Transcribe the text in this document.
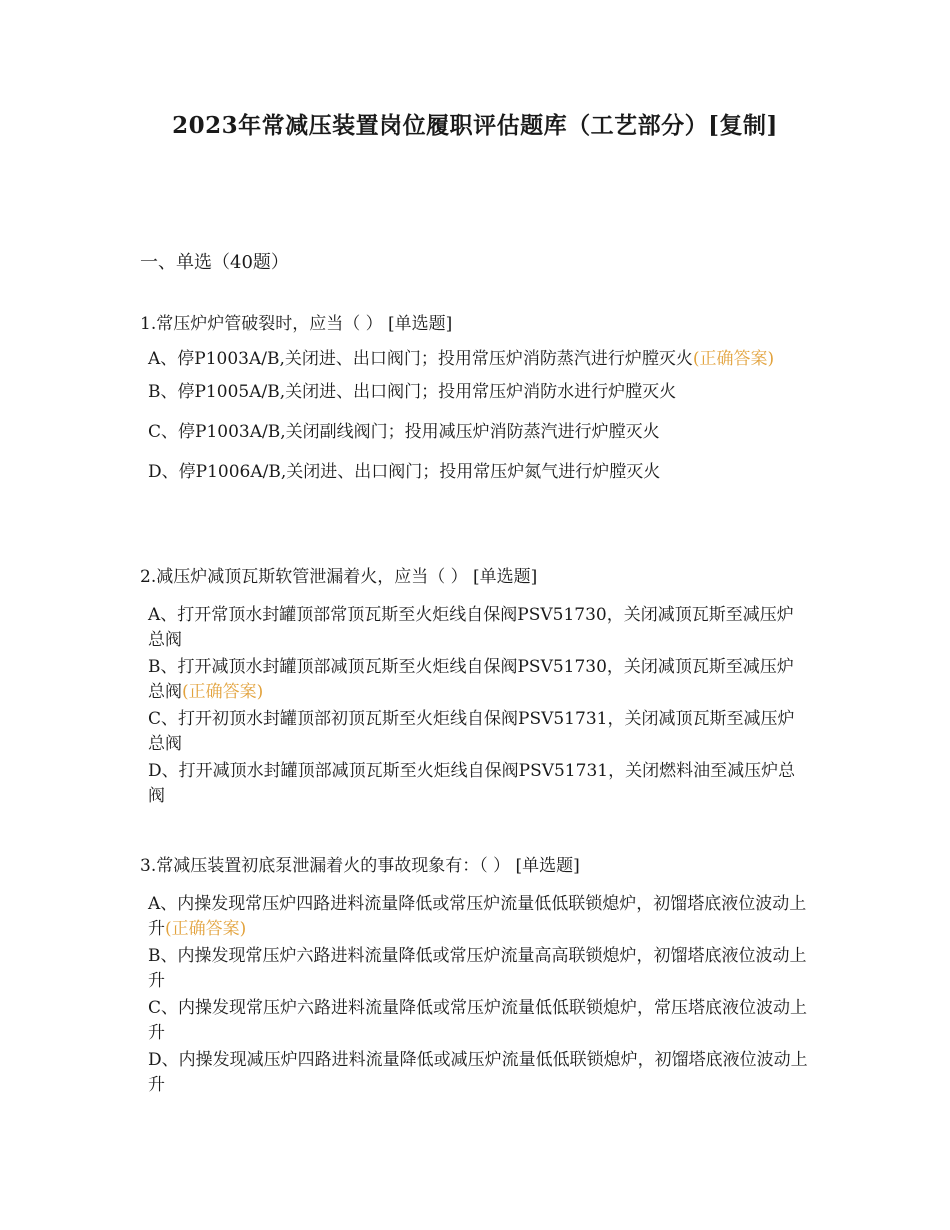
2023年常减压装置岗位履职评估题库（工艺部分）[复制]
一、单选（40题）

1.常压炉炉管破裂时，应当（ ） [单选题]

A、停P1003A/B,关闭进、出口阀门；投用常压炉消防蒸汽进行炉膛灭火(正确答案)

B、停P1005A/B,关闭进、出口阀门；投用常压炉消防水进行炉膛灭火

C、停P1003A/B,关闭副线阀门；投用减压炉消防蒸汽进行炉膛灭火

D、停P1006A/B,关闭进、出口阀门；投用常压炉氮气进行炉膛灭火

2.减压炉减顶瓦斯软管泄漏着火，应当（ ） [单选题]

A、打开常顶水封罐顶部常顶瓦斯至火炬线自保阀PSV51730，关闭减顶瓦斯至减压炉总阀

B、打开减顶水封罐顶部减顶瓦斯至火炬线自保阀PSV51730，关闭减顶瓦斯至减压炉总阀(正确答案)

C、打开初顶水封罐顶部初顶瓦斯至火炬线自保阀PSV51731，关闭减顶瓦斯至减压炉总阀

D、打开减顶水封罐顶部减顶瓦斯至火炬线自保阀PSV51731，关闭燃料油至减压炉总阀

3.常减压装置初底泵泄漏着火的事故现象有：（ ） [单选题]

A、内操发现常压炉四路进料流量降低或常压炉流量低低联锁熄炉，初馏塔底液位波动上升(正确答案)

B、内操发现常压炉六路进料流量降低或常压炉流量高高联锁熄炉，初馏塔底液位波动上升

C、内操发现常压炉六路进料流量降低或常压炉流量低低联锁熄炉，常压塔底液位波动上升

D、内操发现减压炉四路进料流量降低或减压炉流量低低联锁熄炉，初馏塔底液位波动上升
